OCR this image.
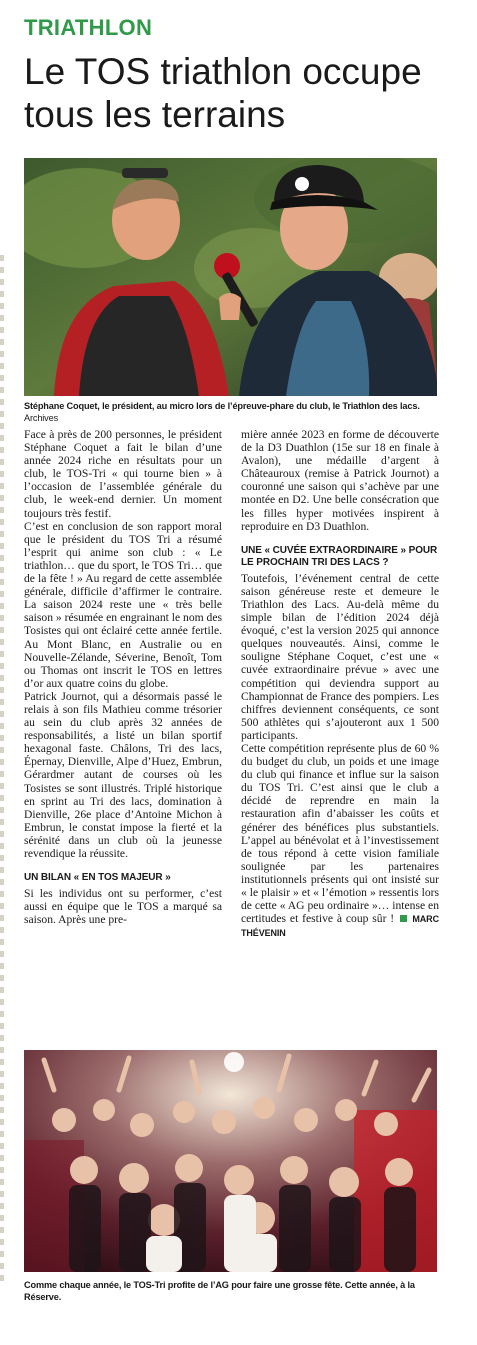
TRIATHLON
Le TOS triathlon occupe tous les terrains

Stéphane Coquet, le président, au micro lors de l’épreuve-phare du club, le Triathlon des lacs. Archives

Face à près de 200 personnes, le président Stéphane Coquet a fait le bilan d’une année 2024 riche en résultats pour un club, le TOS-Tri « qui tourne bien » à l’occasion de l’assemblée générale du club, le week-end dernier. Un moment toujours très festif.

C’est en conclusion de son rapport moral que le président du TOS Tri a résumé l’esprit qui anime son club : « Le triathlon… que du sport, le TOS Tri… que de la fête ! » Au regard de cette assemblée générale, difficile d’affirmer le contraire. La saison 2024 reste une « très belle saison » résumée en engrainant le nom des Tosistes qui ont éclairé cette année fertile. Au Mont Blanc, en Australie ou en Nouvelle-Zélande, Séverine, Benoît, Tom ou Thomas ont inscrit le TOS en lettres d’or aux quatre coins du globe.

Patrick Journot, qui a désormais passé le relais à son fils Mathieu comme trésorier au sein du club après 32 années de responsabilités, a listé un bilan sportif hexagonal faste. Châlons, Tri des lacs, Épernay, Dienville, Alpe d’Huez, Embrun, Gérardmer autant de courses où les Tosistes se sont illustrés. Triplé historique en sprint au Tri des lacs, domination à Dienville, 26e place d’Antoine Michon à Embrun, le constat impose la fierté et la sérénité dans un club où la jeunesse revendique la réussite.

UN BILAN « EN TOS MAJEUR »

Si les individus ont su performer, c’est aussi en équipe que le TOS a marqué sa saison. Après une pre-

mière année 2023 en forme de découverte de la D3 Duathlon (15e sur 18 en finale à Avalon), une médaille d’argent à Châteauroux (remise à Patrick Journot) a couronné une saison qui s’achève par une montée en D2. Une belle consécration que les filles hyper motivées inspirent à reproduire en D3 Duathlon.

UNE « CUVÉE EXTRAORDINAIRE » POUR LE PROCHAIN TRI DES LACS ?

Toutefois, l’événement central de cette saison généreuse reste et demeure le Triathlon des Lacs. Au-delà même du simple bilan de l’édition 2024 déjà évoqué, c’est la version 2025 qui annonce quelques nouveautés. Ainsi, comme le souligne Stéphane Coquet, c’est une « cuvée extraordinaire prévue » avec une compétition qui deviendra support au Championnat de France des pompiers. Les chiffres deviennent conséquents, ce sont 500 athlètes qui s’ajouteront aux 1 500 participants.

Cette compétition représente plus de 60 % du budget du club, un poids et une image du club qui finance et influe sur la saison du TOS Tri. C’est ainsi que le club a décidé de reprendre en main la restauration afin d’abaisser les coûts et générer des bénéfices plus substantiels. L’appel au bénévolat et à l’investissement de tous répond à cette vision familiale soulignée par les partenaires institutionnels présents qui ont insisté sur « le plaisir » et « l’émotion » ressentis lors de cette « AG peu ordinaire »… intense en certitudes et festive à coup sûr ! MARC THÉVENIN

Comme chaque année, le TOS-Tri profite de l’AG pour faire une grosse fête. Cette année, à la Réserve.
